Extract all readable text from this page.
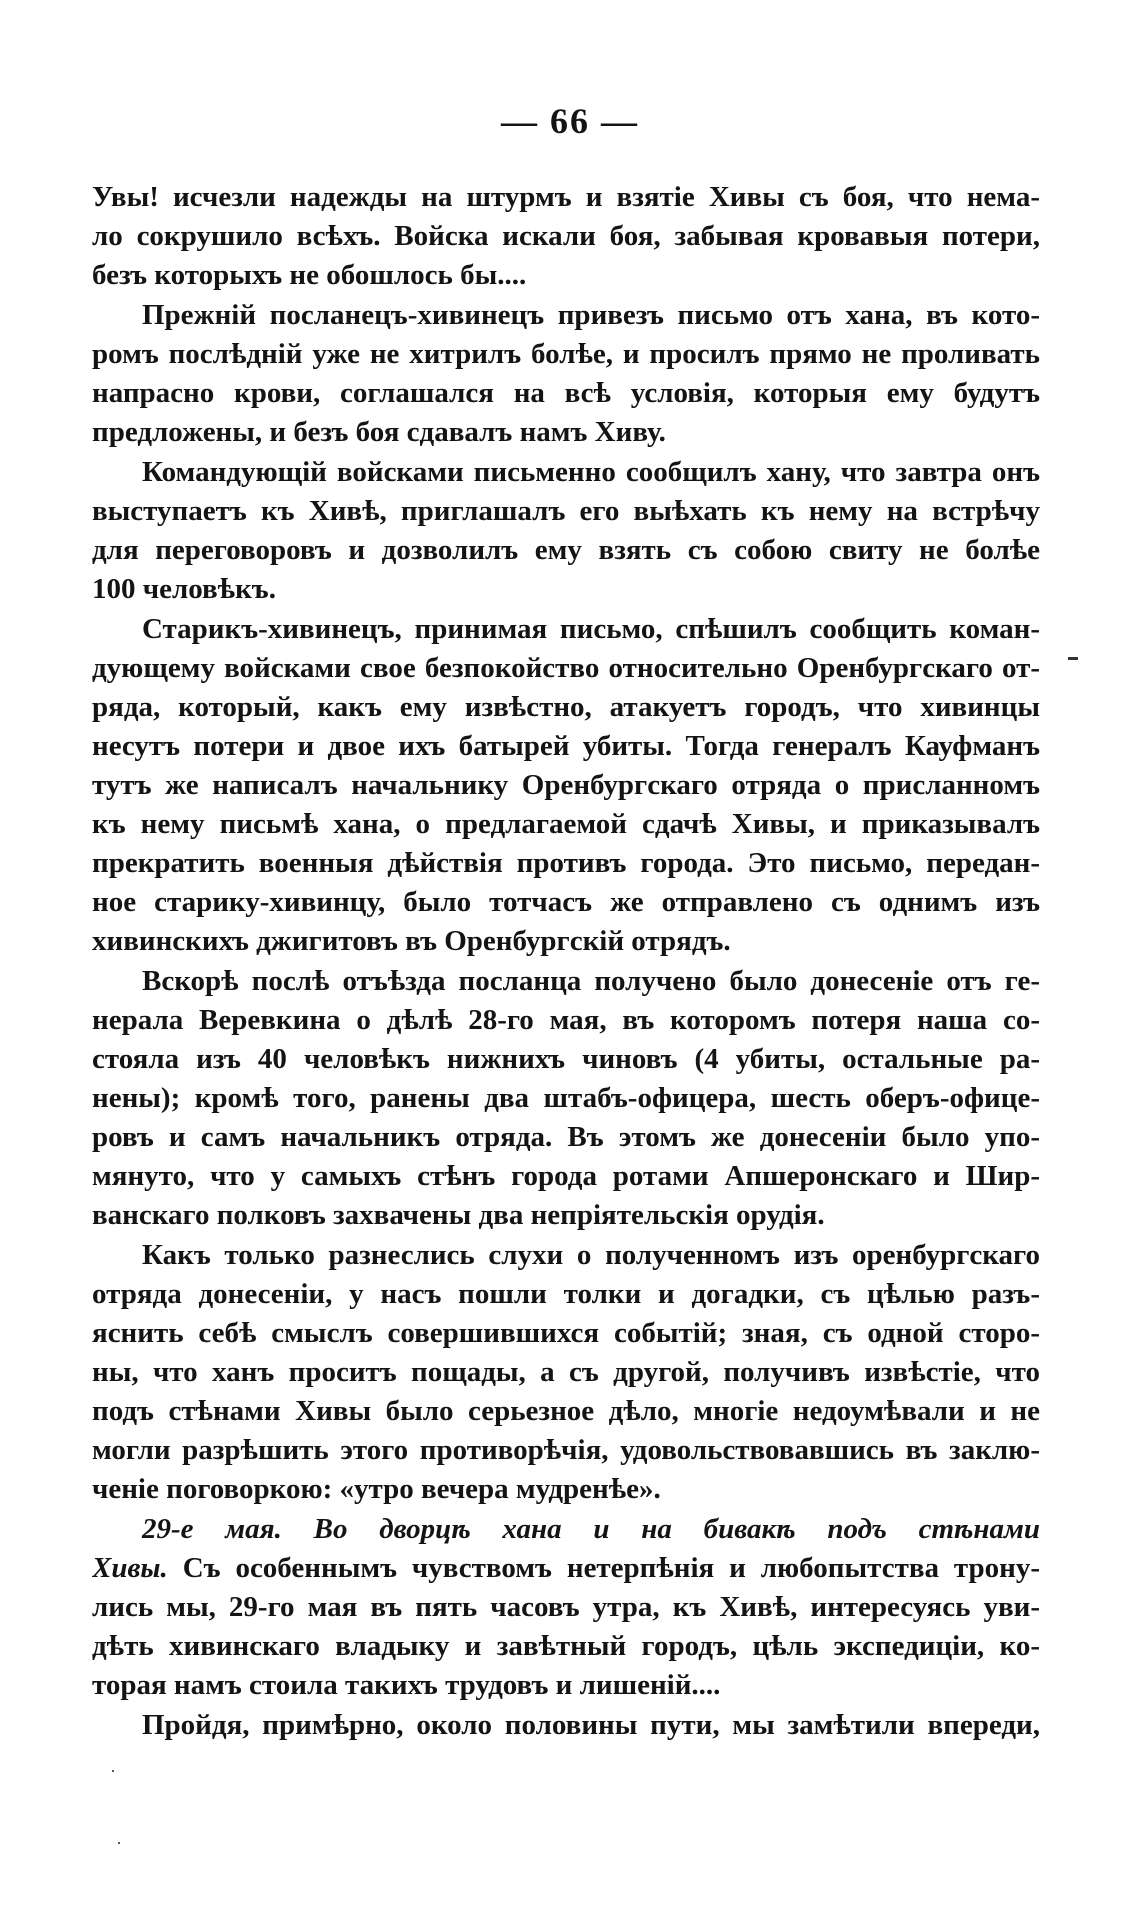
— 66 —
Увы! исчезли надежды на штурмъ и взятіе Хивы съ боя, что нема-
ло сокрушило всѣхъ. Войска искали боя, забывая кровавыя потери,
безъ которыхъ не обошлось бы....
Прежній посланецъ-хивинецъ привезъ письмо отъ хана, въ кото-
ромъ послѣдній уже не хитрилъ болѣе, и просилъ прямо не проливать
напрасно крови, соглашался на всѣ условія, которыя ему будутъ
предложены, и безъ боя сдавалъ намъ Хиву.
Командующій войсками письменно сообщилъ хану, что завтра онъ
выступаетъ къ Хивѣ, приглашалъ его выѣхать къ нему на встрѣчу
для переговоровъ и дозволилъ ему взять съ собою свиту не болѣе
100 человѣкъ.
Старикъ-хивинецъ, принимая письмо, спѣшилъ сообщить коман-
дующему войсками свое безпокойство относительно Оренбургскаго от-
ряда, который, какъ ему извѣстно, атакуетъ городъ, что хивинцы
несутъ потери и двое ихъ батырей убиты. Тогда генералъ Кауфманъ
тутъ же написалъ начальнику Оренбургскаго отряда о присланномъ
къ нему письмѣ хана, о предлагаемой сдачѣ Хивы, и приказывалъ
прекратить военныя дѣйствія противъ города. Это письмо, передан-
ное старику-хивинцу, было тотчасъ же отправлено съ однимъ изъ
хивинскихъ джигитовъ въ Оренбургскій отрядъ.
Вскорѣ послѣ отъѣзда посланца получено было донесеніе отъ ге-
нерала Веревкина о дѣлѣ 28-го мая, въ которомъ потеря наша со-
стояла изъ 40 человѣкъ нижнихъ чиновъ (4 убиты, остальные ра-
нены); кромѣ того, ранены два штабъ-офицера, шесть оберъ-офице-
ровъ и самъ начальникъ отряда. Въ этомъ же донесеніи было упо-
мянуто, что у самыхъ стѣнъ города ротами Апшеронскаго и Шир-
ванскаго полковъ захвачены два непріятельскія орудія.
Какъ только разнеслись слухи о полученномъ изъ оренбургскаго
отряда донесеніи, у насъ пошли толки и догадки, съ цѣлью разъ-
яснить себѣ смыслъ совершившихся событій; зная, съ одной сторо-
ны, что ханъ проситъ пощады, а съ другой, получивъ извѣстіе, что
подъ стѣнами Хивы было серьезное дѣло, многіе недоумѣвали и не
могли разрѣшить этого противорѣчія, удовольствовавшись въ заклю-
ченіе поговоркою: «утро вечера мудренѣе».
29-е мая. Во дворцѣ хана и на бивакѣ подъ стѣнами
Хивы. Съ особеннымъ чувствомъ нетерпѣнія и любопытства трону-
лись мы, 29-го мая въ пять часовъ утра, къ Хивѣ, интересуясь уви-
дѣть хивинскаго владыку и завѣтный городъ, цѣль экспедиціи, ко-
торая намъ стоила такихъ трудовъ и лишеній....
Пройдя, примѣрно, около половины пути, мы замѣтили впереди,
